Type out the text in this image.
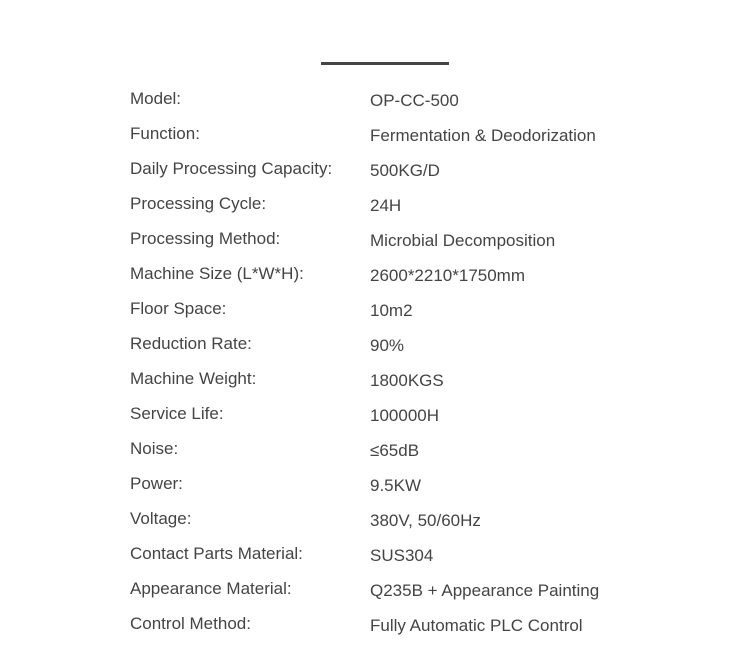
Model:	OP-CC-500
Function:	Fermentation & Deodorization
Daily Processing Capacity:	500KG/D
Processing Cycle:	24H
Processing Method:	Microbial Decomposition
Machine Size (L*W*H):	2600*2210*1750mm
Floor Space:	10m2
Reduction Rate:	90%
Machine Weight:	1800KGS
Service Life:	100000H
Noise:	≤65dB
Power:	9.5KW
Voltage:	380V, 50/60Hz
Contact Parts Material:	SUS304
Appearance Material:	Q235B + Appearance Painting
Control Method:	Fully Automatic PLC Control
